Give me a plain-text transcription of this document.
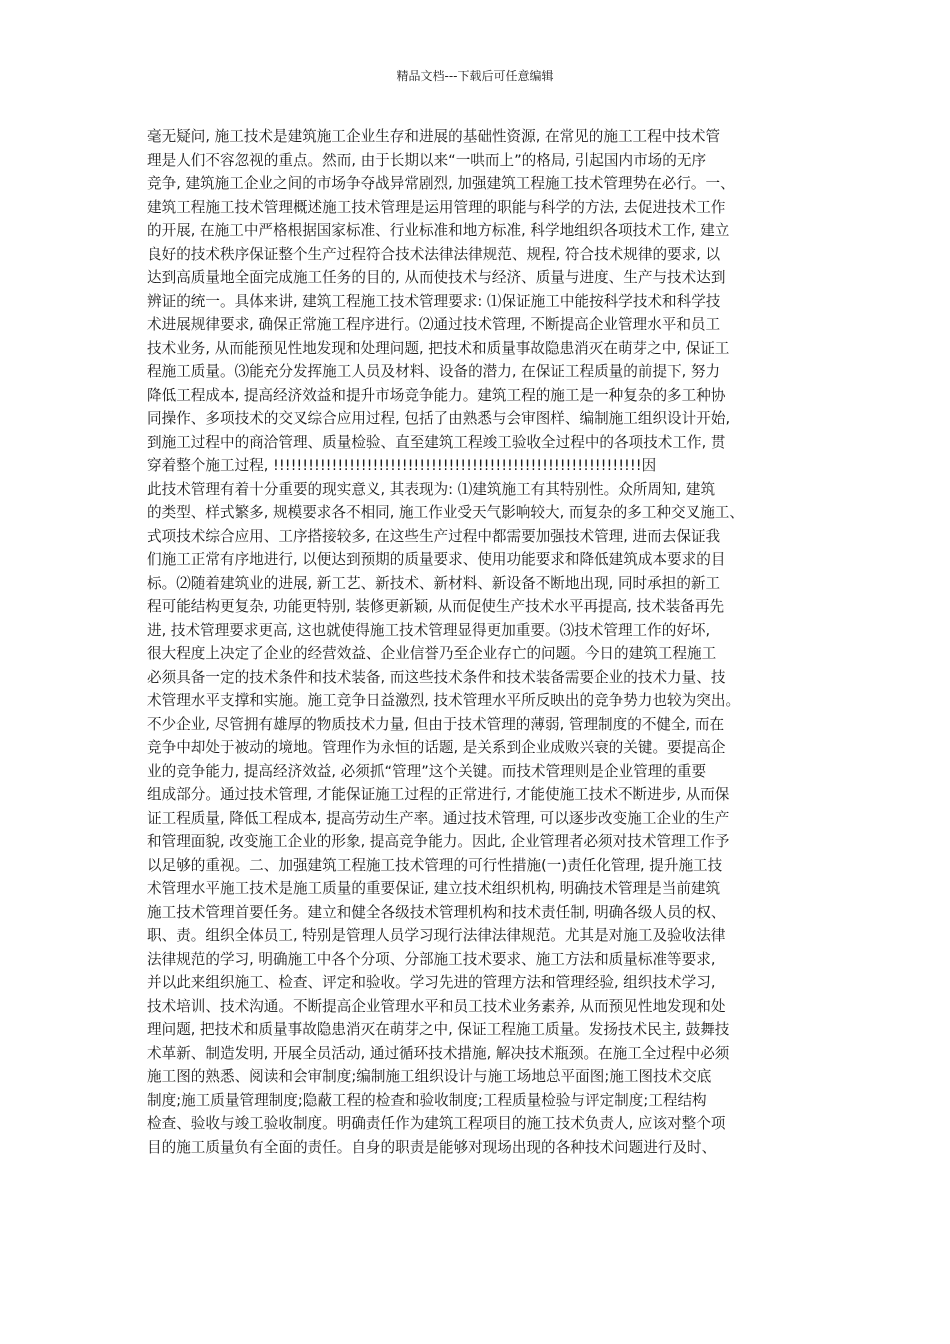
精品文档---下载后可任意编辑
毫无疑问, 施工技术是建筑施工企业生存和进展的基础性资源, 在常见的施工工程中技术管
理是人们不容忽视的重点。然而, 由于长期以来“一哄而上”的格局, 引起国内市场的无序
竞争, 建筑施工企业之间的市场争夺战异常剧烈, 加强建筑工程施工技术管理势在必行。一、
建筑工程施工技术管理概述施工技术管理是运用管理的职能与科学的方法, 去促进技术工作
的开展, 在施工中严格根据国家标准、行业标准和地方标准, 科学地组织各项技术工作, 建立
良好的技术秩序保证整个生产过程符合技术法律法律规范、规程, 符合技术规律的要求, 以
达到高质量地全面完成施工任务的目的, 从而使技术与经济、质量与进度、生产与技术达到
辨证的统一。具体来讲, 建筑工程施工技术管理要求: ⑴保证施工中能按科学技术和科学技
术进展规律要求, 确保正常施工程序进行。⑵通过技术管理, 不断提高企业管理水平和员工
技术业务, 从而能预见性地发现和处理问题, 把技术和质量事故隐患消灭在萌芽之中, 保证工
程施工质量。⑶能充分发挥施工人员及材料、设备的潜力, 在保证工程质量的前提下, 努力
降低工程成本, 提高经济效益和提升市场竞争能力。建筑工程的施工是一种复杂的多工种协
同操作、多项技术的交叉综合应用过程, 包括了由熟悉与会审图样、编制施工组织设计开始,
到施工过程中的商洽管理、质量检验、直至建筑工程竣工验收全过程中的各项技术工作, 贯
穿着整个施工过程, !!!!!!!!!!!!!!!!!!!!!!!!!!!!!!!!!!!!!!!!!!!!!!!!!!!!!!!!!!!!!!!因
此技术管理有着十分重要的现实意义, 其表现为: ⑴建筑施工有其特别性。众所周知, 建筑
的类型、样式繁多, 规模要求各不相同, 施工作业受天气影响较大, 而复杂的多工种交叉施工、
式项技术综合应用、工序搭接较多, 在这些生产过程中都需要加强技术管理, 进而去保证我
们施工正常有序地进行, 以便达到预期的质量要求、使用功能要求和降低建筑成本要求的目
标。⑵随着建筑业的进展, 新工艺、新技术、新材料、新设备不断地出现, 同时承担的新工
程可能结构更复杂, 功能更特别, 装修更新颖, 从而促使生产技术水平再提高, 技术装备再先
进, 技术管理要求更高, 这也就使得施工技术管理显得更加重要。⑶技术管理工作的好坏,
很大程度上决定了企业的经营效益、企业信誉乃至企业存亡的问题。今日的建筑工程施工
必须具备一定的技术条件和技术装备, 而这些技术条件和技术装备需要企业的技术力量、技
术管理水平支撑和实施。施工竞争日益激烈, 技术管理水平所反映出的竞争势力也较为突出。
不少企业, 尽管拥有雄厚的物质技术力量, 但由于技术管理的薄弱, 管理制度的不健全, 而在
竞争中却处于被动的境地。管理作为永恒的话题, 是关系到企业成败兴衰的关键。要提高企
业的竞争能力, 提高经济效益, 必须抓“管理”这个关键。而技术管理则是企业管理的重要
组成部分。通过技术管理, 才能保证施工过程的正常进行, 才能使施工技术不断进步, 从而保
证工程质量, 降低工程成本, 提高劳动生产率。通过技术管理, 可以逐步改变施工企业的生产
和管理面貌, 改变施工企业的形象, 提高竞争能力。因此, 企业管理者必须对技术管理工作予
以足够的重视。二、加强建筑工程施工技术管理的可行性措施(一)责任化管理, 提升施工技
术管理水平施工技术是施工质量的重要保证, 建立技术组织机构, 明确技术管理是当前建筑
施工技术管理首要任务。建立和健全各级技术管理机构和技术责任制, 明确各级人员的权、
职、责。组织全体员工, 特别是管理人员学习现行法律法律规范。尤其是对施工及验收法律
法律规范的学习, 明确施工中各个分项、分部施工技术要求、施工方法和质量标准等要求,
并以此来组织施工、检查、评定和验收。学习先进的管理方法和管理经验, 组织技术学习,
技术培训、技术沟通。不断提高企业管理水平和员工技术业务素养, 从而预见性地发现和处
理问题, 把技术和质量事故隐患消灭在萌芽之中, 保证工程施工质量。发扬技术民主, 鼓舞技
术革新、制造发明, 开展全员活动, 通过循环技术措施, 解决技术瓶颈。在施工全过程中必须
施工图的熟悉、阅读和会审制度;编制施工组织设计与施工场地总平面图;施工图技术交底
制度;施工质量管理制度;隐蔽工程的检查和验收制度;工程质量检验与评定制度;工程结构
检查、验收与竣工验收制度。明确责任作为建筑工程项目的施工技术负责人, 应该对整个项
目的施工质量负有全面的责任。自身的职责是能够对现场出现的各种技术问题进行及时、
